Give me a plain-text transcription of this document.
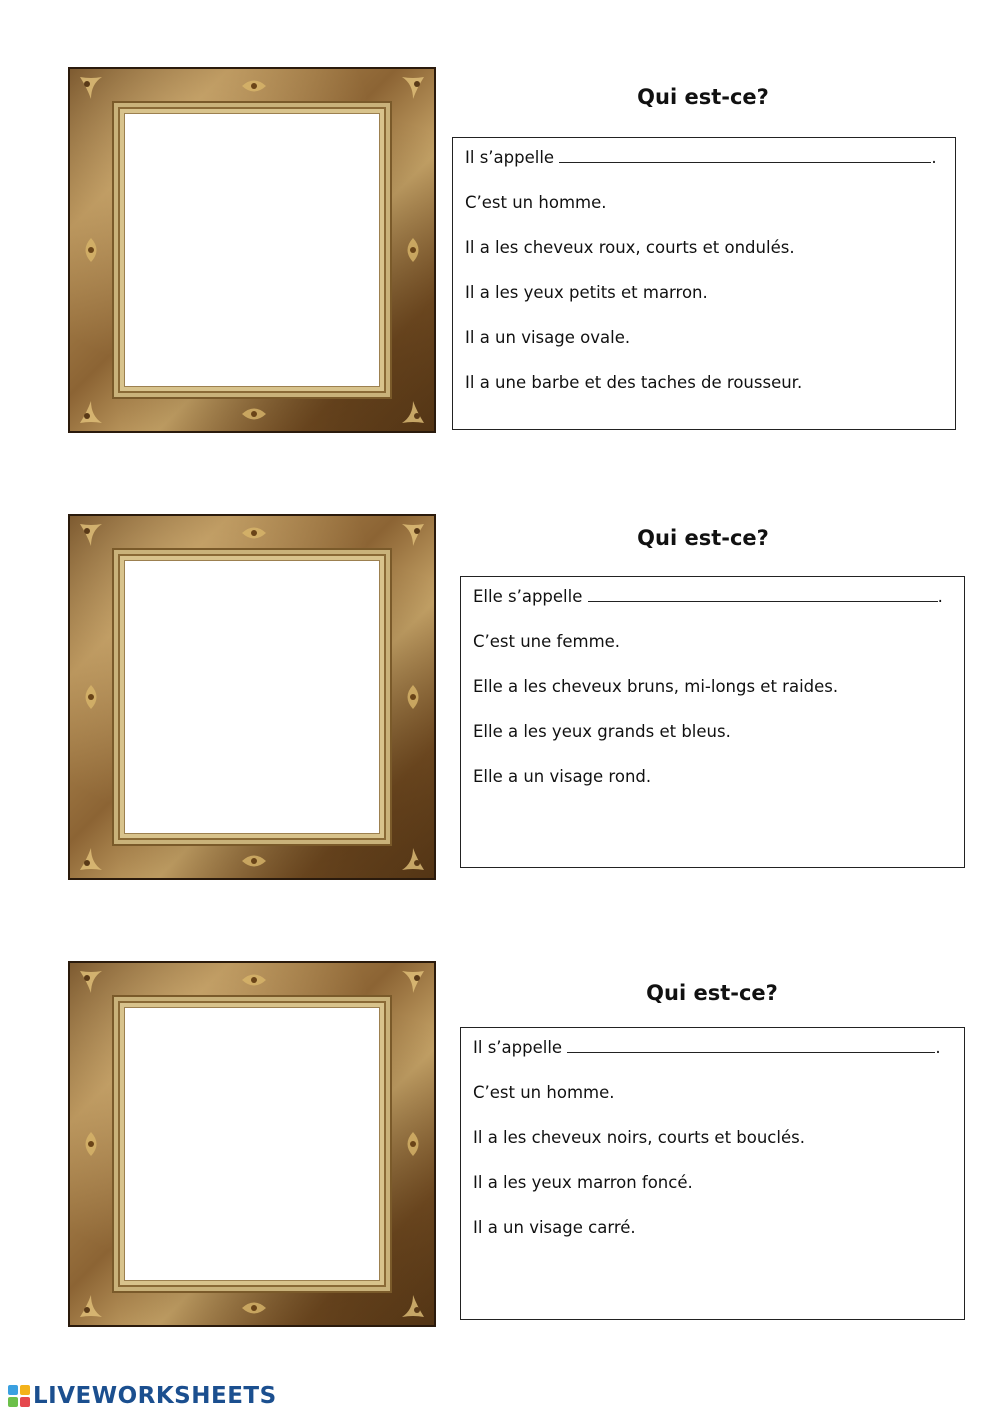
Qui est-ce?
Il s’appelle	.
C’est un homme.
Il a les cheveux roux, courts et ondulés.
Il a les yeux petits et marron.
Il a un visage ovale.
Il a une barbe et des taches de rousseur.
Qui est-ce?
Elle s’appelle	.
C’est une femme.
Elle a les cheveux bruns, mi-longs et raides.
Elle a les yeux grands et bleus.
Elle a un visage rond.
Qui est-ce?
Il s’appelle	.
C’est un homme.
Il a les cheveux noirs, courts et bouclés.
Il a les yeux marron foncé.
Il a un visage carré.
LIVEWORKSHEETS
